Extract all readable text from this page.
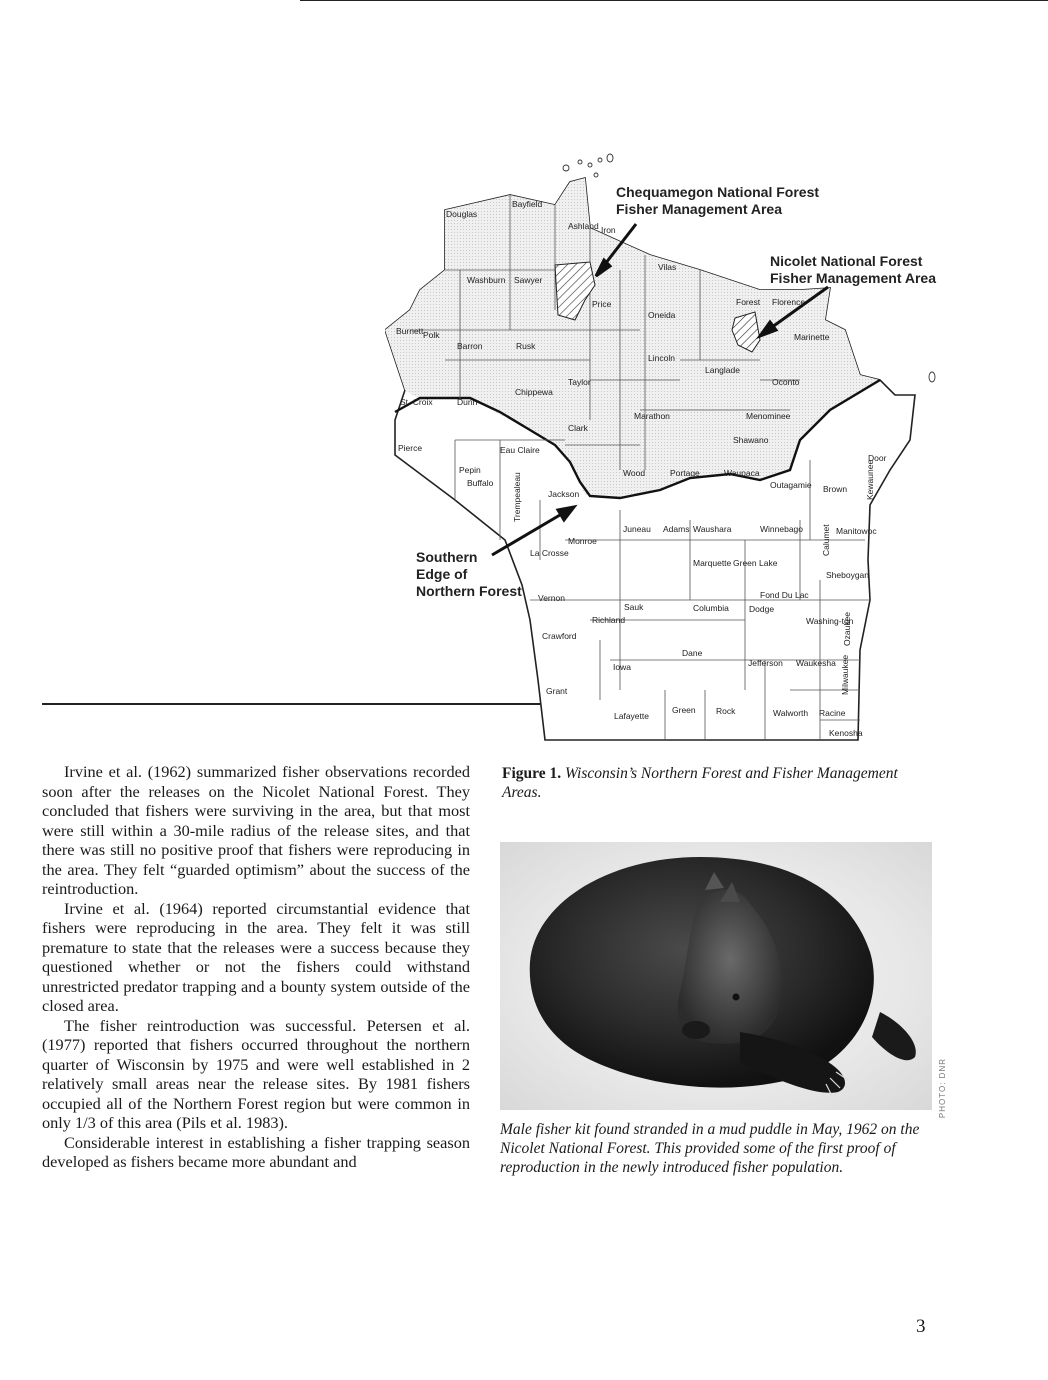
Douglas
Bayfield
Ashland Iron
Vilas
Washburn Sawyer
Price
Oneida
Forest Florence
Marinette
Burnett Polk
Barron	Rusk
Lincoln
Langlade
Oconto
Taylor
Chippewa
St. Croix	Dunn
Marathon	Menominee
Clark
Shawano
Pierce	Eau Claire
Door
Pepin
Buffalo
Wood	Portage	Waupaca
Outagamie Brown Kewaunee
Jackson
Trempealeau
Juneau Adams Waushara	Winnebago Calumet Manitowoc
Monroe
La Crosse
Marquette Green Lake
Sheboygan
Vernon	Fond Du Lac
Sauk	Columbia Dodge
Richland	Washing-ton
Ozaukee
Crawford
Dane
Iowa	Jefferson Waukesha Milwaukee
Grant
Lafayette
Green Rock	Walworth Racine
Kenosha
Chequamegon National Forest
Fisher Management Area
Nicolet National Forest
Fisher Management Area
Southern
Edge of
Northern Forest

Irvine et al. (1962) summarized fisher observations recorded soon after the releases on the Nicolet National Forest. They concluded that fishers were surviving in the area, but that most were still within a 30-mile radius of the release sites, and that there was still no positive proof that fishers were reproducing in the area. They felt “guarded optimism” about the success of the reintroduction.

Irvine et al. (1964) reported circumstantial evidence that fishers were reproducing in the area. They felt it was still premature to state that the releases were a success because they questioned whether or not the fishers could withstand unrestricted predator trapping and a bounty system outside of the closed area.

The fisher reintroduction was successful. Petersen et al. (1977) reported that fishers occurred throughout the northern quarter of Wisconsin by 1975 and were well established in 2 relatively small areas near the release sites. By 1981 fishers occupied all of the Northern Forest region but were common in only 1/3 of this area (Pils et al. 1983).

Considerable interest in establishing a fisher trapping season developed as fishers became more abundant and

Figure 1. Wisconsin’s Northern Forest and Fisher Management Areas.
PHOTO: DNR
Male fisher kit found stranded in a mud puddle in May, 1962 on the Nicolet National Forest. This provided some of the first proof of reproduction in the newly introduced fisher population.
3
